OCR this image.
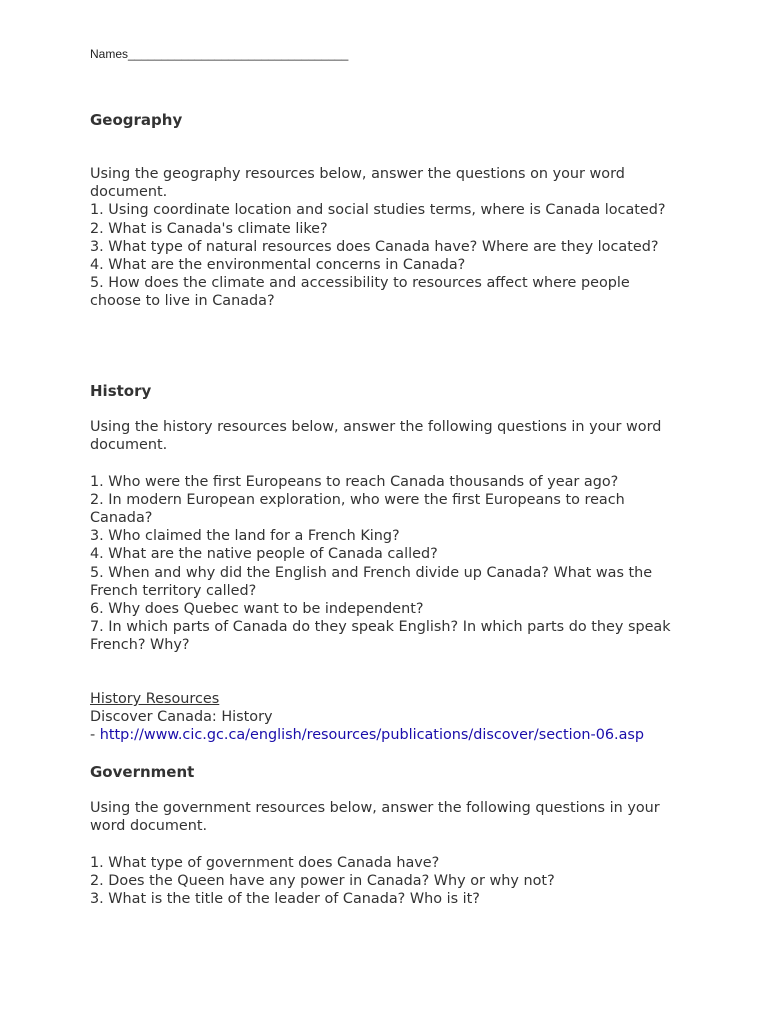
Names_________________________________
Geography
Using the geography resources below, answer the questions on your word document.
1. Using coordinate location and social studies terms, where is Canada located?
2. What is Canada's climate like?
3. What type of natural resources does Canada have? Where are they located?
4. What are the environmental concerns in Canada?
5. How does the climate and accessibility to resources affect where people choose to live in Canada?
History
Using the history resources below, answer the following questions in your word document.
1. Who were the first Europeans to reach Canada thousands of year ago?
2. In modern European exploration, who were the first Europeans to reach Canada?
3. Who claimed the land for a French King?
4. What are the native people of Canada called?
5. When and why did the English and French divide up Canada? What was the French territory called?
6. Why does Quebec want to be independent?
7. In which parts of Canada do they speak English? In which parts do they speak French? Why?
History Resources
Discover Canada: History
- http://www.cic.gc.ca/english/resources/publications/discover/section-06.asp
Government
Using the government resources below, answer the following questions in your word document.
1. What type of government does Canada have?
2. Does the Queen have any power in Canada? Why or why not?
3. What is the title of the leader of Canada? Who is it?
